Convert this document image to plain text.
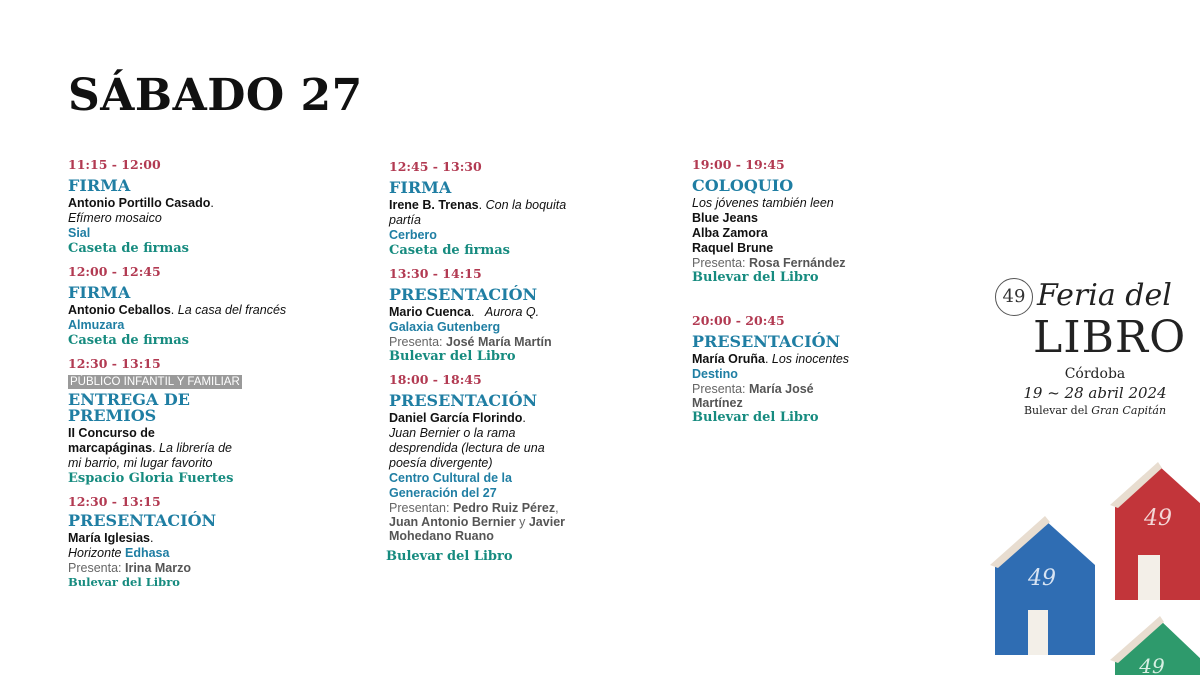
SÁBADO 27
11:15 - 12:00
FIRMA
Antonio Portillo Casado.
Efímero mosaico
Sial
Caseta de firmas
12:00 - 12:45
FIRMA
Antonio Ceballos. La casa del francés
Almuzara
Caseta de firmas
12:30 - 13:15
PÚBLICO INFANTIL Y FAMILIAR
ENTREGA DE PREMIOS
II Concurso de marcapáginas. La librería de mi barrio, mi lugar favorito
Espacio Gloria Fuertes
12:30 - 13:15
PRESENTACIÓN
María Iglesias.
Horizonte Edhasa
Presenta: Irina Marzo
Bulevar del Libro
12:45 - 13:30
FIRMA
Irene B. Trenas. Con la boquita partía
Cerbero
Caseta de firmas
13:30 - 14:15
PRESENTACIÓN
Mario Cuenca. Aurora Q. Galaxia Gutenberg
Presenta: José María Martín
Bulevar del Libro
18:00 - 18:45
PRESENTACIÓN
Daniel García Florindo.
Juan Bernier o la rama desprendida (lectura de una poesía divergente)
Centro Cultural de la Generación del 27
Presentan: Pedro Ruiz Pérez, Juan Antonio Bernier y Javier Mohedano Ruano
Bulevar del Libro
19:00 - 19:45
COLOQUIO
Los jóvenes también leen Blue Jeans
Alba Zamora
Raquel Brune
Presenta: Rosa Fernández
Bulevar del Libro
20:00 - 20:45
PRESENTACIÓN
María Oruña. Los inocentes
Destino
Presenta: María José Martínez
Bulevar del Libro
49 Feria del
LIBRO
Córdoba
19 ~ 28 abril 2024
Bulevar del Gran Capitán
49
49
49
